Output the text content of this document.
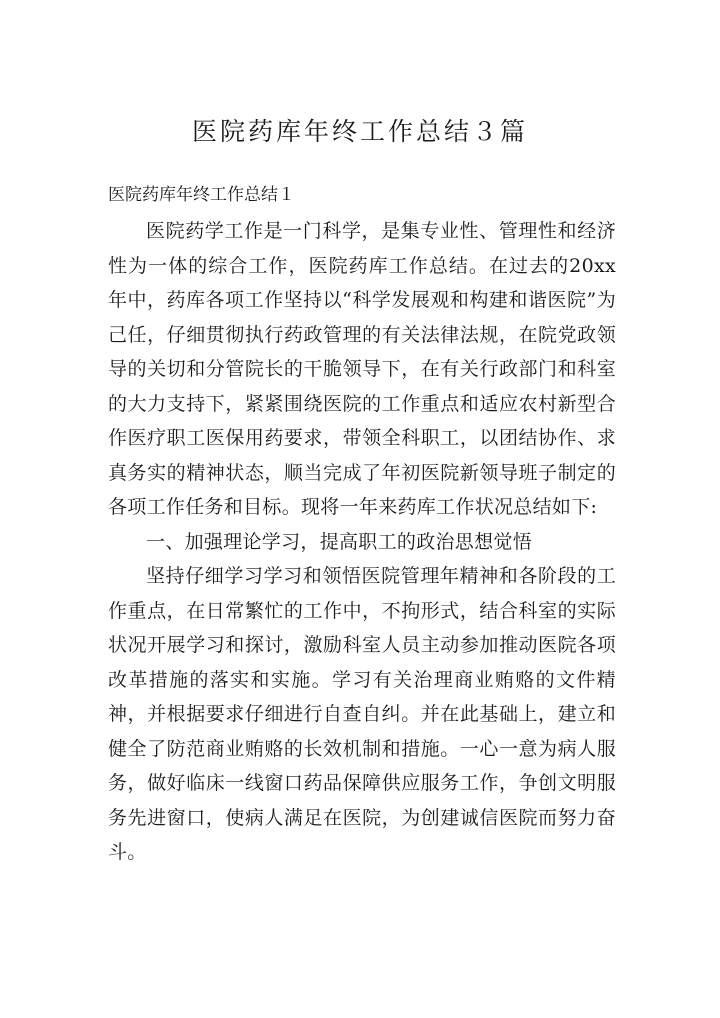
医院药库年终工作总结３篇

医院药库年终工作总结１

医院药学工作是一门科学，是集专业性、管理性和经济性为一体的综合工作，医院药库工作总结。在过去的20xx年中，药库各项工作坚持以“科学发展观和构建和谐医院”为己任，仔细贯彻执行药政管理的有关法律法规，在院党政领导的关切和分管院长的干脆领导下，在有关行政部门和科室的大力支持下，紧紧围绕医院的工作重点和适应农村新型合作医疗职工医保用药要求，带领全科职工，以团结协作、求真务实的精神状态，顺当完成了年初医院新领导班子制定的各项工作任务和目标。现将一年来药库工作状况总结如下:

一、加强理论学习，提高职工的政治思想觉悟

坚持仔细学习学习和领悟医院管理年精神和各阶段的工作重点，在日常繁忙的工作中，不拘形式，结合科室的实际状况开展学习和探讨，激励科室人员主动参加推动医院各项改革措施的落实和实施。学习有关治理商业贿赂的文件精神，并根据要求仔细进行自查自纠。并在此基础上，建立和健全了防范商业贿赂的长效机制和措施。一心一意为病人服务，做好临床一线窗口药品保障供应服务工作，争创文明服务先进窗口，使病人满足在医院，为创建诚信医院而努力奋斗。
